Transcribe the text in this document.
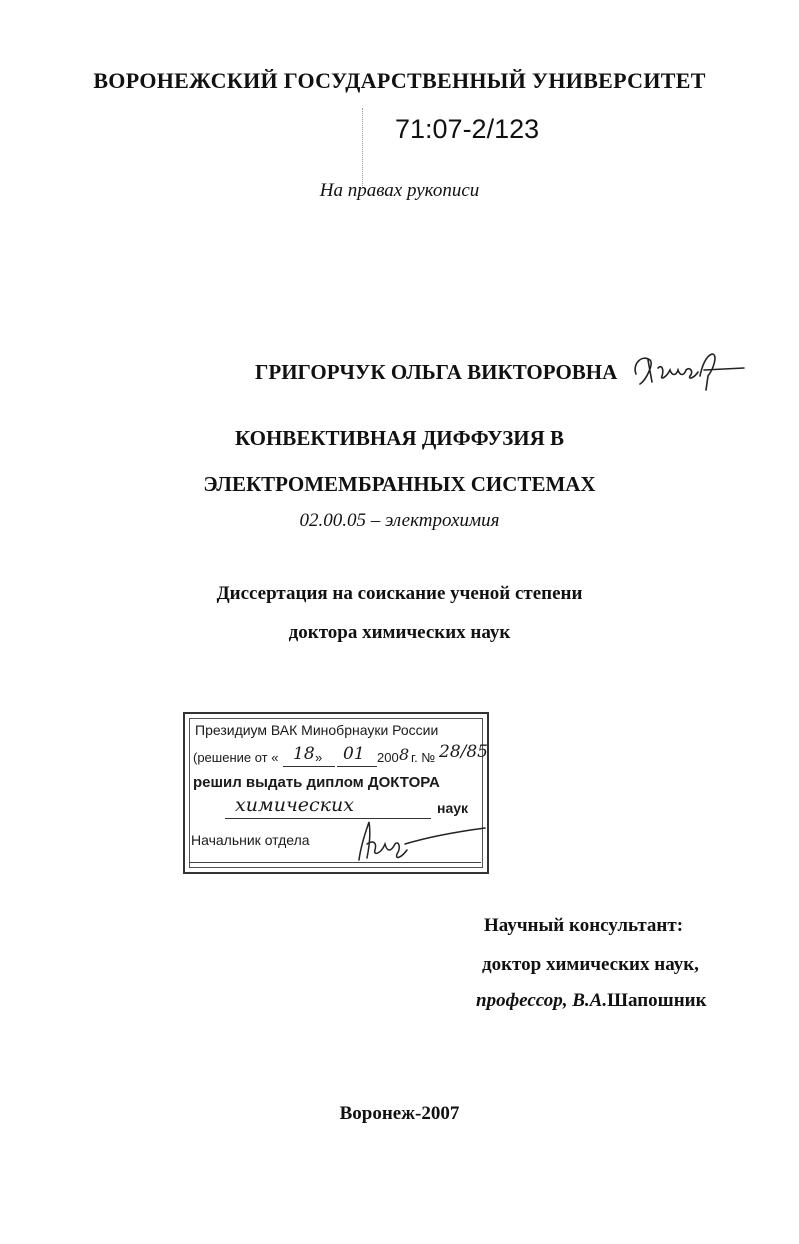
ВОРОНЕЖСКИЙ ГОСУДАРСТВЕННЫЙ УНИВЕРСИТЕТ
71:07-2/123
На правах рукописи
ГРИГОРЧУК ОЛЬГА ВИКТОРОВНА
Григ
КОНВЕКТИВНАЯ ДИФФУЗИЯ В
ЭЛЕКТРОМЕМБРАННЫХ СИСТЕМАХ
02.00.05 – электрохимия
Диссертация на соискание ученой степени
доктора химических наук
Президиум ВАК Минобрнауки России
(решение от « 18 » 01 200 8 г. № 28/85
решил выдать диплом ДОКТОРА
химических	наук
Начальник отдела
Научный консультант:
доктор химических наук,
профессор, В.А.Шапошник
Воронеж-2007
